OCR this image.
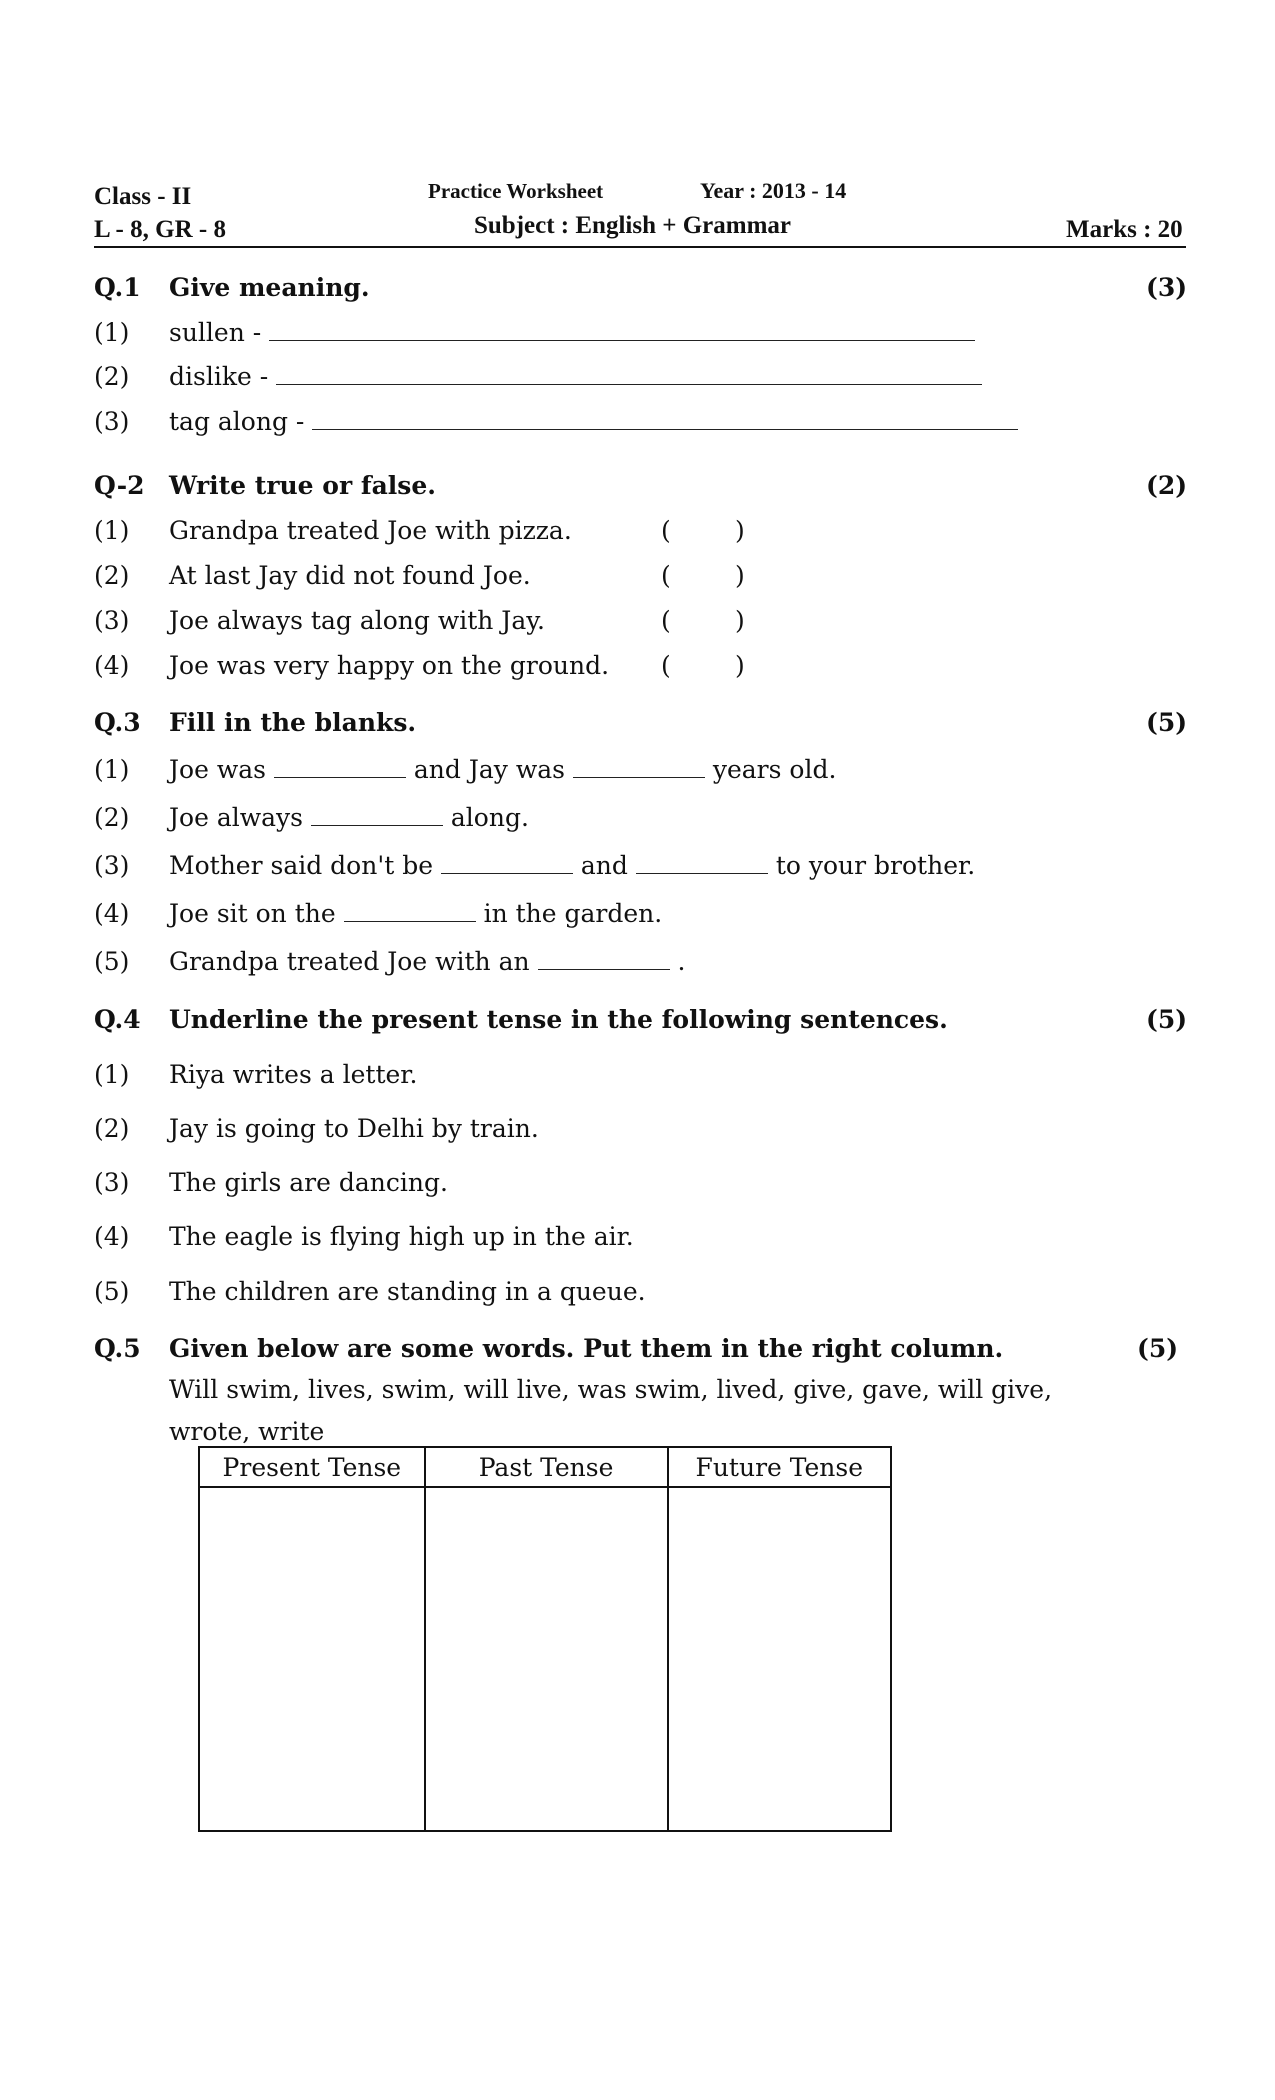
Class - II
L - 8, GR - 8
Practice Worksheet	Year : 2013 - 14
Subject : English + Grammar	Marks : 20
Q.1 Give meaning.	(3)
(1) sullen -
(2) dislike -
(3) tag along -
Q-2 Write true or false.	(2)
(1) Grandpa treated Joe with pizza.	(	)
(2) At last Jay did not found Joe.	(	)
(3) Joe always tag along with Jay.	(	)
(4) Joe was very happy on the ground. (	)
Q.3 Fill in the blanks.	(5)
(1) Joe was	and Jay was	years old.
(2) Joe always	along.
(3) Mother said don't be	and	to your brother.
(4) Joe sit on the	in the garden.
(5) Grandpa treated Joe with an	.
Q.4 Underline the present tense in the following sentences.	(5)
(1) Riya writes a letter.
(2) Jay is going to Delhi by train.
(3) The girls are dancing.
(4) The eagle is flying high up in the air.
(5) The children are standing in a queue.
Q.5 Given below are some words. Put them in the right column.	(5)
Will swim, lives, swim, will live, was swim, lived, give, gave, will give,
wrote, write
Present Tense	Past Tense	Future Tense
